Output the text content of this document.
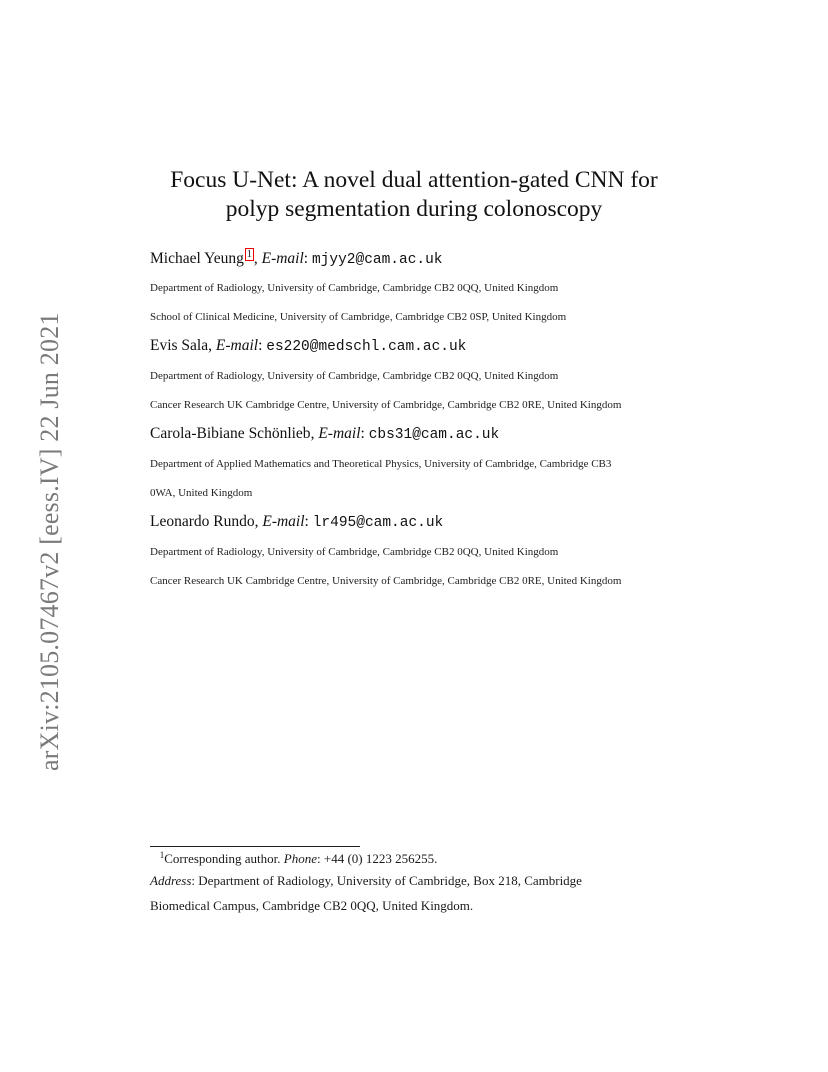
arXiv:2105.07467v2 [eess.IV] 22 Jun 2021
Focus U-Net: A novel dual attention-gated CNN for
polyp segmentation during colonoscopy
Michael Yeung 1 , E-mail: mjyy2@cam.ac.uk
Department of Radiology, University of Cambridge, Cambridge CB2 0QQ, United Kingdom
School of Clinical Medicine, University of Cambridge, Cambridge CB2 0SP, United Kingdom
Evis Sala, E-mail: es220@medschl.cam.ac.uk
Department of Radiology, University of Cambridge, Cambridge CB2 0QQ, United Kingdom
Cancer Research UK Cambridge Centre, University of Cambridge, Cambridge CB2 0RE, United Kingdom
Carola-Bibiane Schönlieb, E-mail: cbs31@cam.ac.uk
Department of Applied Mathematics and Theoretical Physics, University of Cambridge, Cambridge CB3
0WA, United Kingdom
Leonardo Rundo, E-mail: lr495@cam.ac.uk
Department of Radiology, University of Cambridge, Cambridge CB2 0QQ, United Kingdom
Cancer Research UK Cambridge Centre, University of Cambridge, Cambridge CB2 0RE, United Kingdom
$^1$Corresponding author. Phone: +44 (0) 1223 256255.
Address: Department of Radiology, University of Cambridge, Box 218, Cambridge
Biomedical Campus, Cambridge CB2 0QQ, United Kingdom.
